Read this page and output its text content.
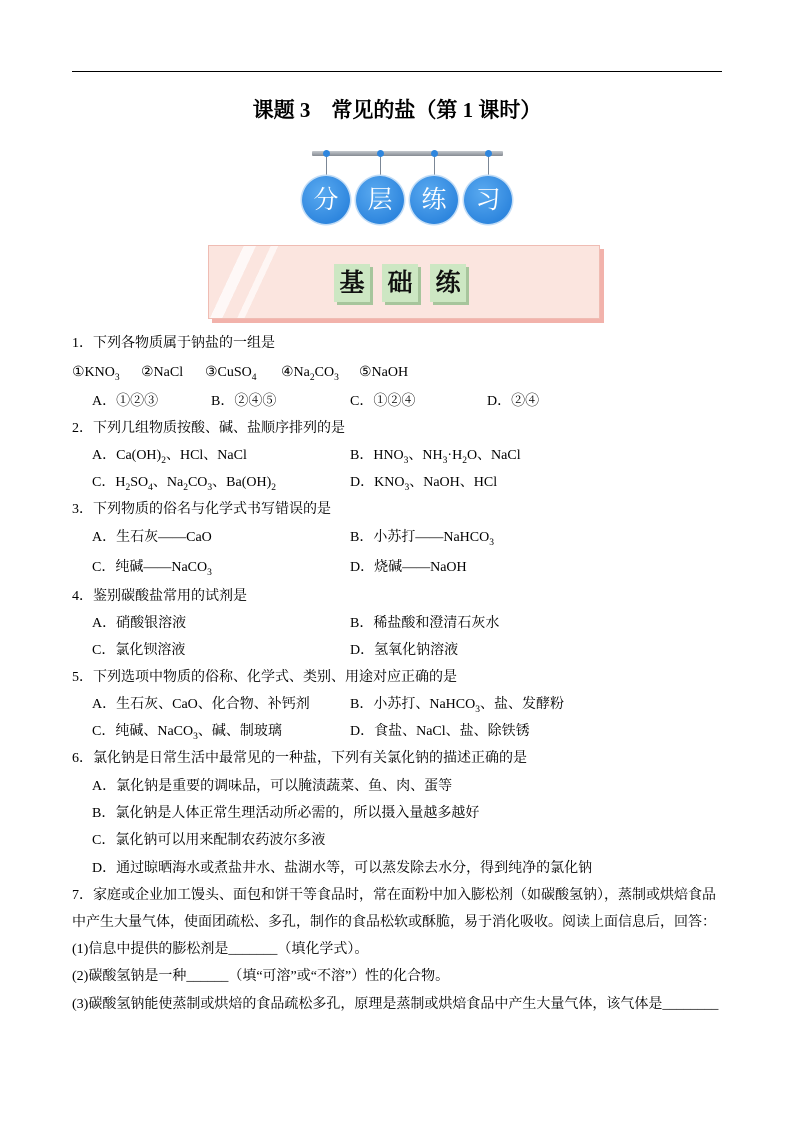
课题 3　常见的盐（第 1 课时）
分	层	练	习
基 础 练
1．下列各物质属于钠盐的一组是
$①KNO_3$ ②NaCl ③CuSO$_4$ $④Na_2CO_3$ ⑤NaOH
A．①②③	B．②④⑤	C．①②④	D．②④
2．下列几组物质按酸、碱、盐顺序排列的是
A．$Ca(OH)_2$、HCl、NaCl	B．$HNO_3$、$NH_3\cdot H_2O$、NaCl
C．$H_2SO_4$、$Na_2CO_3$、$Ba(OH)_2$	D．$KNO_3$、NaOH、HCl
3．下列物质的俗名与化学式书写错误的是
A．生石灰——CaO	B．小苏打——NaHCO$_3$
C．纯碱——NaCO$_3$	D．烧碱——NaOH
4．鉴别碳酸盐常用的试剂是
A．硝酸银溶液	B．稀盐酸和澄清石灰水
C．氯化钡溶液	D．氢氧化钠溶液
5．下列选项中物质的俗称、化学式、类别、用途对应正确的是
A．生石灰、CaO、化合物、补钙剂	B．小苏打、NaHCO$_3$、盐、发酵粉
C．纯碱、NaCO$_3$、碱、制玻璃	D．食盐、NaCl、盐、除铁锈
6．氯化钠是日常生活中最常见的一种盐，下列有关氯化钠的描述正确的是
A．氯化钠是重要的调味品，可以腌渍蔬菜、鱼、肉、蛋等
B．氯化钠是人体正常生理活动所必需的，所以摄入量越多越好
C．氯化钠可以用来配制农药波尔多液
D．通过晾晒海水或煮盐井水、盐湖水等，可以蒸发除去水分，得到纯净的氯化钠
7．家庭或企业加工馒头、面包和饼干等食品时，常在面粉中加入膨松剂（如碳酸氢钠），蒸制或烘焙食品
中产生大量气体，使面团疏松、多孔，制作的食品松软或酥脆，易于消化吸收。阅读上面信息后，回答：
(1)信息中提供的膨松剂是_______（填化学式）。
(2)碳酸氢钠是一种______（填“可溶”或“不溶”）性的化合物。
(3)碳酸氢钠能使蒸制或烘焙的食品疏松多孔，原理是蒸制或烘焙食品中产生大量气体，该气体是________
